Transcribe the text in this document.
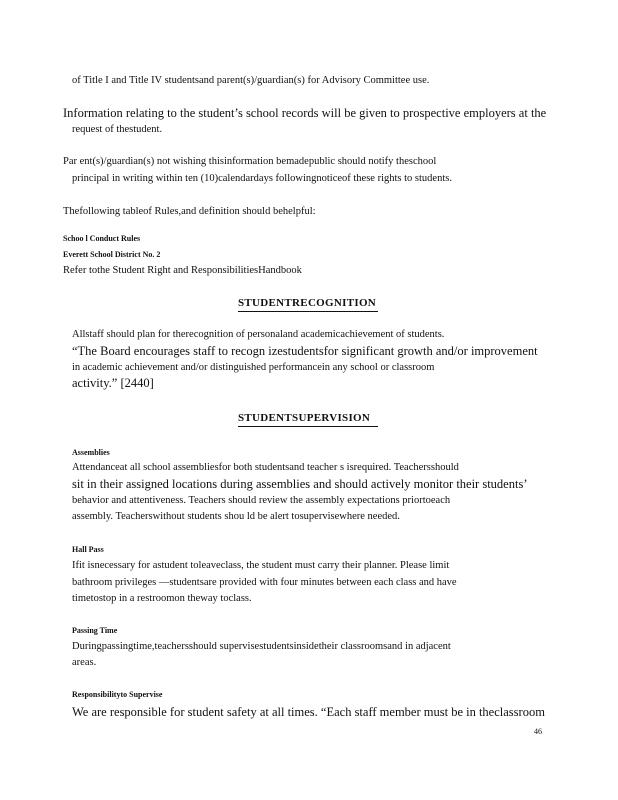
of Title I and Title IV studentsand parent(s)/guardian(s) for Advisory Committee use.
Information relating to the student’s school records will be given to prospective employers at the
request of thestudent.
Par ent(s)/guardian(s) not wishing thisinformation bemadepublic should notify theschool
principal in writing within ten (10)calendardays followingnoticeof these rights to students.
Thefollowing tableof Rules,and definition should behelpful:
Schoo l Conduct Rules
Everett School District No. 2
Refer tothe Student Right and ResponsibilitiesHandbook
STUDENTRECOGNITION
Allstaff should plan for therecognition of personaland academicachievement of students.
“The Board encourages staff to recogn izestudentsfor significant growth and/or improvement
in academic achievement and/or distinguished performancein any school or classroom
activity.” [2440]
STUDENTSUPERVISION
Assemblies
Attendanceat all school assembliesfor both studentsand teacher s isrequired. Teachersshould
sit in their assigned locations during assemblies and should actively monitor their students’
behavior and attentiveness. Teachers should review the assembly expectations priortoeach
assembly. Teacherswithout students shou ld be alert tosupervisewhere needed.
Hall Pass
Ifit isnecessary for astudent toleaveclass, the student must carry their planner. Please limit
bathroom privileges —studentsare provided with four minutes between each class and have
timetostop in a restroomon theway toclass.
Passing Time
Duringpassingtime,teachersshould supervisestudentsinsidetheir classroomsand in adjacent
areas.
Responsibilityto Supervise
We are responsible for student safety at all times. “Each staff member must be in theclassroom
46
